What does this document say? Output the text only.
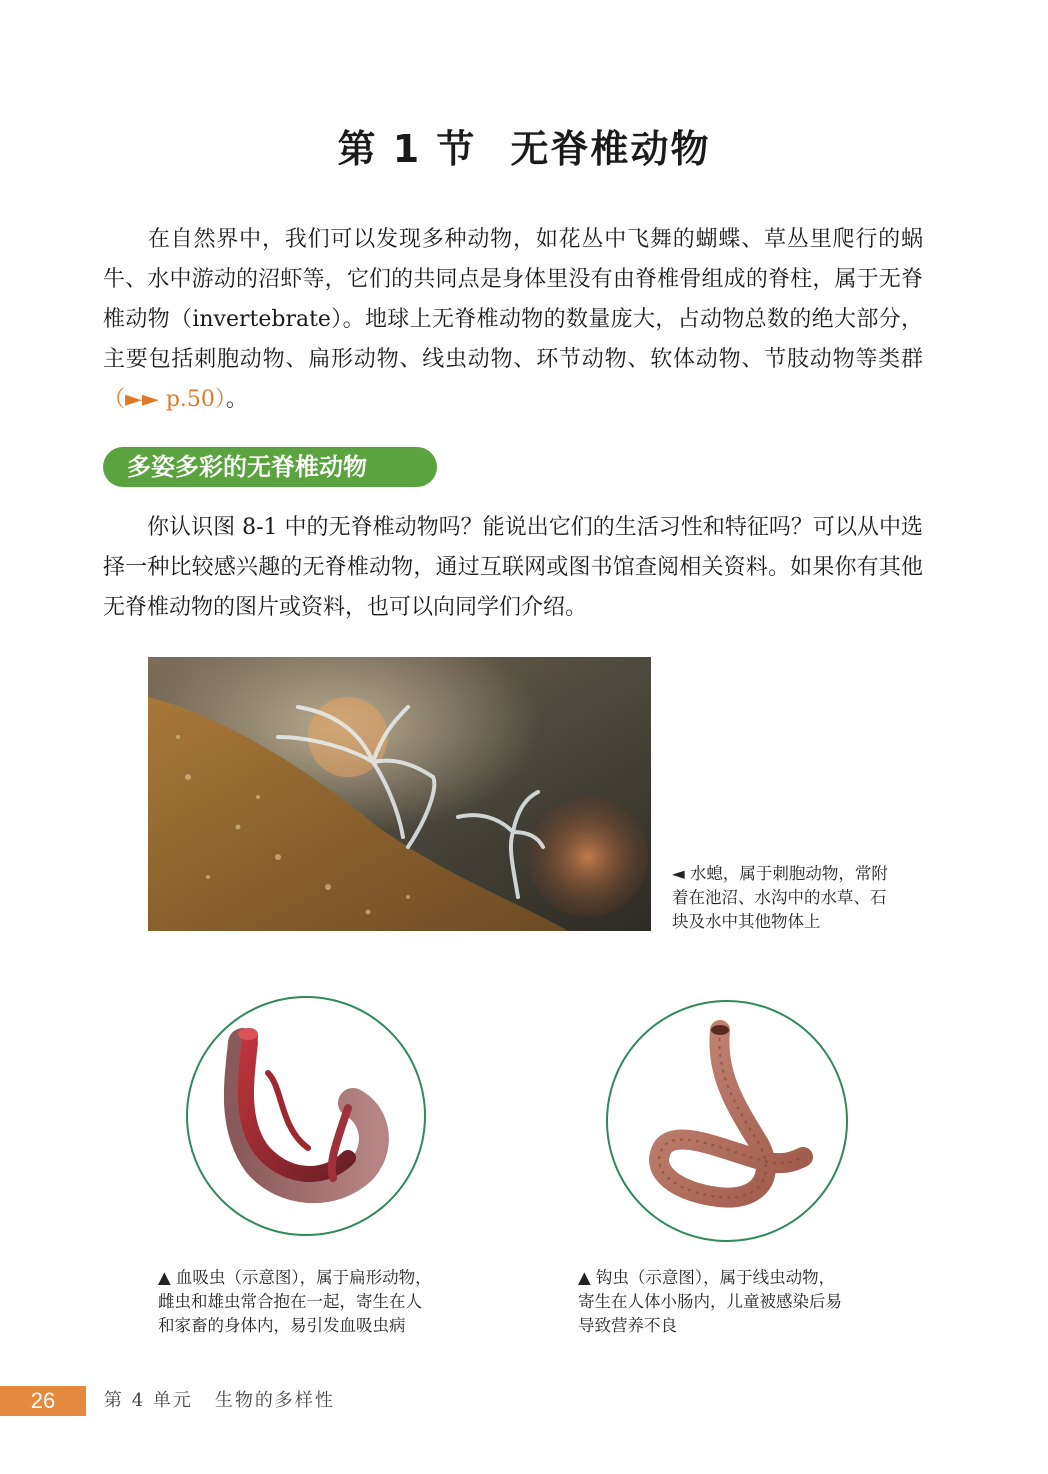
第 1 节 无脊椎动物

在自然界中，我们可以发现多种动物，如花丛中飞舞的蝴蝶、草丛里爬行的蜗牛、水中游动的沼虾等，它们的共同点是身体里没有由脊椎骨组成的脊柱，属于无脊椎动物（invertebrate）。地球上无脊椎动物的数量庞大，占动物总数的绝大部分，主要包括刺胞动物、扁形动物、线虫动物、环节动物、软体动物、节肢动物等类群（►► p.50）。

多姿多彩的无脊椎动物

你认识图 8-1 中的无脊椎动物吗？能说出它们的生活习性和特征吗？可以从中选择一种比较感兴趣的无脊椎动物，通过互联网或图书馆查阅相关资料。如果你有其他无脊椎动物的图片或资料，也可以向同学们介绍。

◄ 水螅，属于刺胞动物，常附
着在池沼、水沟中的水草、石
块及水中其他物体上
▲ 血吸虫（示意图），属于扁形动物，
雌虫和雄虫常合抱在一起，寄生在人
和家畜的身体内，易引发血吸虫病
▲ 钩虫（示意图），属于线虫动物，
寄生在人体小肠内，儿童被感染后易
导致营养不良
26	第 4 单元 生物的多样性
